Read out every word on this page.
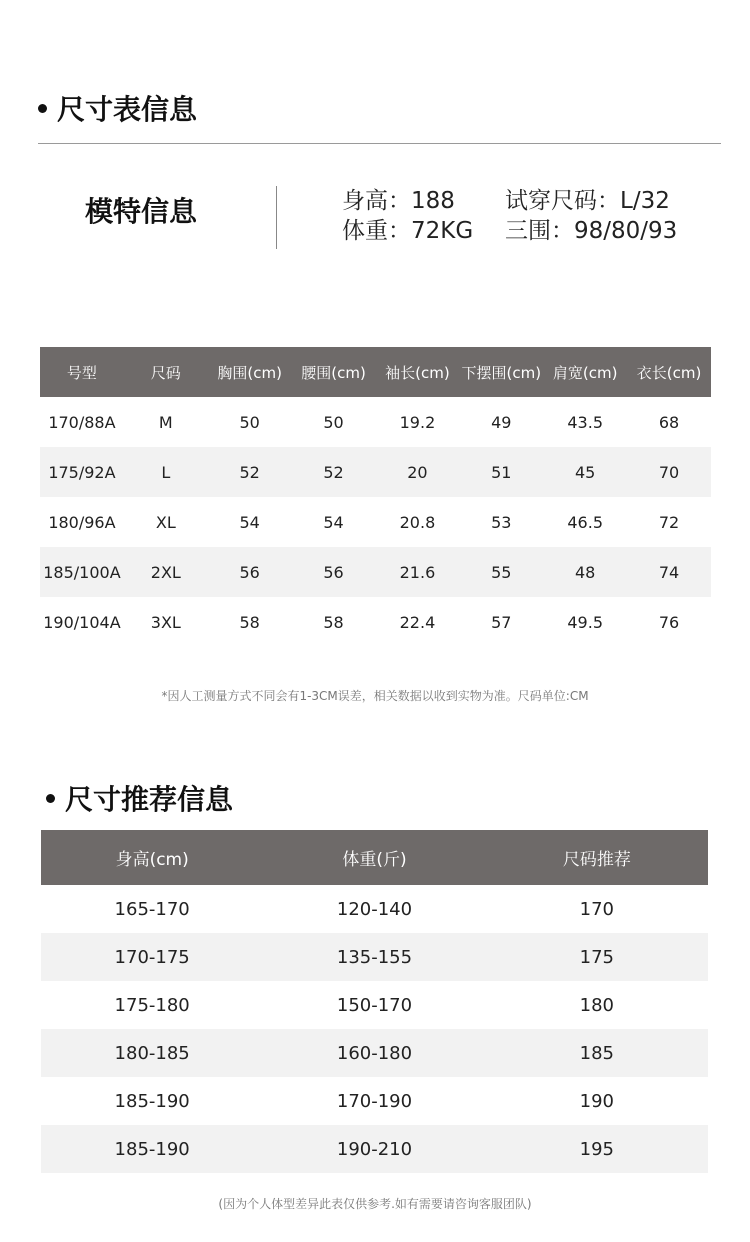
尺寸表信息
模特信息	身高：188
体重：72KG
试穿尺码：L/32
三围：98/80/93
号型	尺码	胸围(cm)	腰围(cm)	袖长(cm)	下摆围(cm)	肩宽(cm)	衣长(cm)
170/88A	M	50	50	19.2	49	43.5	68
175/92A	L	52	52	20	51	45	70
180/96A	XL	54	54	20.8	53	46.5	72
185/100A	2XL	56	56	21.6	55	48	74
190/104A	3XL	58	58	22.4	57	49.5	76
*因人工测量方式不同会有1-3CM误差，相关数据以收到实物为准。尺码单位:CM
尺寸推荐信息
身高(cm)	体重(斤)	尺码推荐
165-170	120-140	170
170-175	135-155	175
175-180	150-170	180
180-185	160-180	185
185-190	170-190	190
185-190	190-210	195
(因为个人体型差异此表仅供参考.如有需要请咨询客服团队)
